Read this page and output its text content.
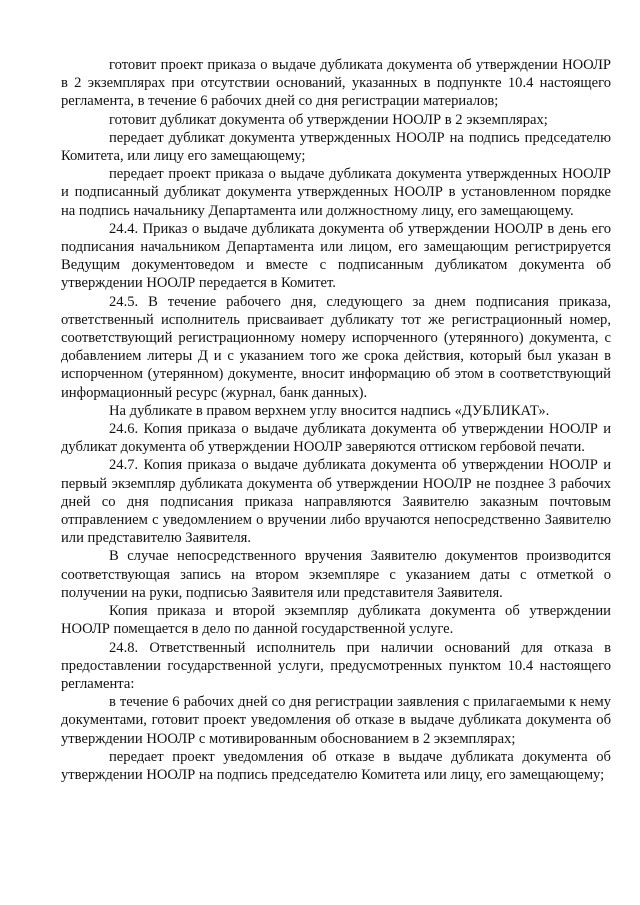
готовит проект приказа о выдаче дубликата документа об утверждении НООЛР в 2 экземплярах при отсутствии оснований, указанных в подпункте 10.4 настоящего регламента, в течение 6 рабочих дней со дня регистрации материалов;

готовит дубликат документа об утверждении НООЛР в 2 экземплярах;

передает дубликат документа утвержденных НООЛР на подпись председателю Комитета, или лицу его замещающему;

передает проект приказа о выдаче дубликата документа утвержденных НООЛР и подписанный дубликат документа утвержденных НООЛР в установленном порядке на подпись начальнику Департамента или должностному лицу, его замещающему.

24.4. Приказ о выдаче дубликата документа об утверждении НООЛР в день его подписания начальником Департамента или лицом, его замещающим регистрируется Ведущим документоведом и вместе с подписанным дубликатом документа об утверждении НООЛР передается в Комитет.

24.5. В течение рабочего дня, следующего за днем подписания приказа, ответственный исполнитель присваивает дубликату тот же регистрационный номер, соответствующий регистрационному номеру испорченного (утерянного) документа, с добавлением литеры Д и с указанием того же срока действия, который был указан в испорченном (утерянном) документе, вносит информацию об этом в соответствующий информационный ресурс (журнал, банк данных).

На дубликате в правом верхнем углу вносится надпись «ДУБЛИКАТ».

24.6. Копия приказа о выдаче дубликата документа об утверждении НООЛР и дубликат документа об утверждении НООЛР заверяются оттиском гербовой печати.

24.7. Копия приказа о выдаче дубликата документа об утверждении НООЛР и первый экземпляр дубликата документа об утверждении НООЛР не позднее 3 рабочих дней со дня подписания приказа направляются Заявителю заказным почтовым отправлением с уведомлением о вручении либо вручаются непосредственно Заявителю или представителю Заявителя.

В случае непосредственного вручения Заявителю документов производится соответствующая запись на втором экземпляре с указанием даты с отметкой о получении на руки, подписью Заявителя или представителя Заявителя.

Копия приказа и второй экземпляр дубликата документа об утверждении НООЛР помещается в дело по данной государственной услуге.

24.8. Ответственный исполнитель при наличии оснований для отказа в предоставлении государственной услуги, предусмотренных пунктом 10.4 настоящего регламента:

в течение 6 рабочих дней со дня регистрации заявления с прилагаемыми к нему документами, готовит проект уведомления об отказе в выдаче дубликата документа об утверждении НООЛР с мотивированным обоснованием в 2 экземплярах;

передает проект уведомления об отказе в выдаче дубликата документа об утверждении НООЛР на подпись председателю Комитета или лицу, его замещающему;
